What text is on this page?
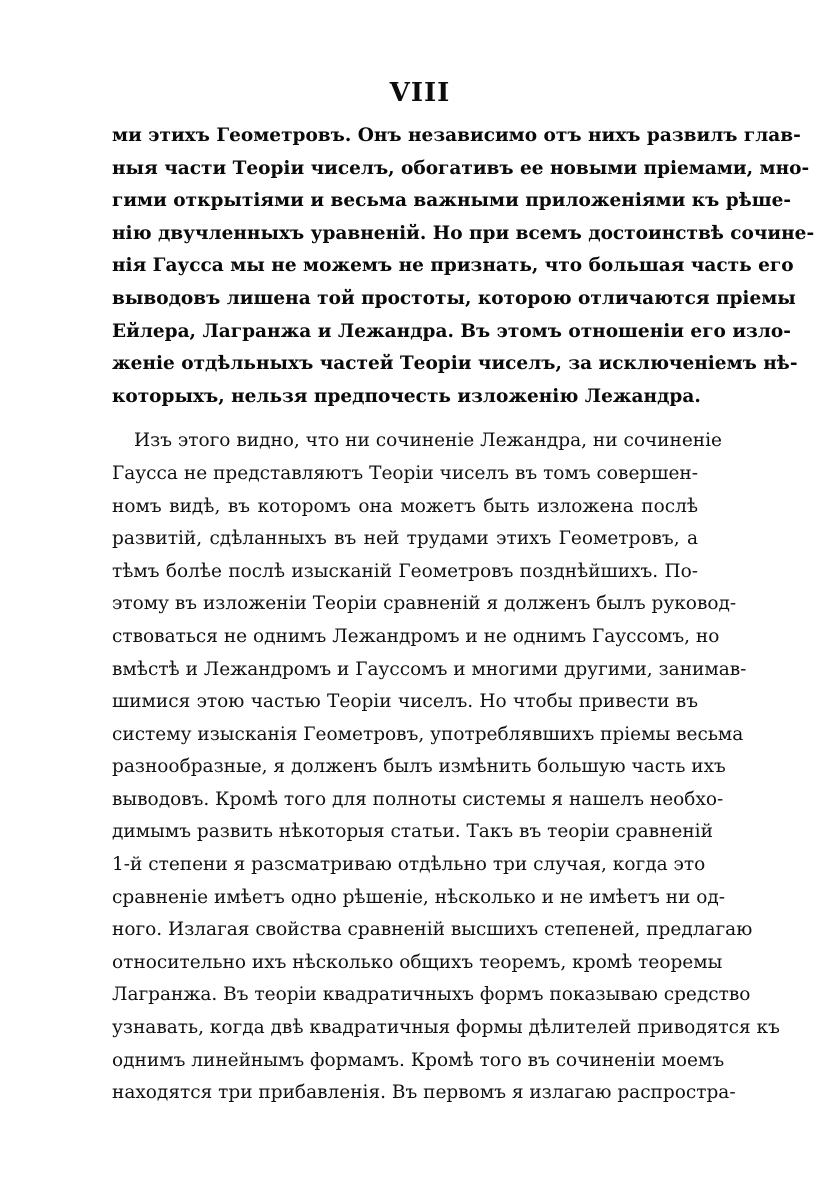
VIII
ми этихъ Геометровъ. Онъ независимо отъ нихъ развилъ глав-
ныя части Теоріи чиселъ, обогативъ ее новыми пріемами, мно-
гими открытіями и весьма важными приложеніями къ рѣше-
нію двучленныхъ уравненій. Но при всемъ достоинствѣ сочине-
нія Гаусса мы не можемъ не признать, что большая часть его
выводовъ лишена той простоты, которою отличаются пріемы
Ейлера, Лагранжа и Лежандра. Въ этомъ отношеніи его изло-
женіе отдѣльныхъ частей Теоріи чиселъ, за исключеніемъ нѣ-
которыхъ, нельзя предпочесть изложенію Лежандра.
Изъ этого видно, что ни сочиненіе Лежандра, ни сочиненіе
Гаусса не представляютъ Теоріи чиселъ въ томъ совершен-
номъ видѣ, въ которомъ она можетъ быть изложена послѣ
развитій, сдѣланныхъ въ ней трудами этихъ Геометровъ, а
тѣмъ болѣе послѣ изысканій Геометровъ позднѣйшихъ. По-
этому въ изложеніи Теоріи сравненій я долженъ былъ руковод-
ствоваться не однимъ Лежандромъ и не однимъ Гауссомъ, но
вмѣстѣ и Лежандромъ и Гауссомъ и многими другими, занимав-
шимися этою частью Теоріи чиселъ. Но чтобы привести въ
систему изысканія Геометровъ, употреблявшихъ пріемы весьма
разнообразные, я долженъ былъ измѣнить большую часть ихъ
выводовъ. Кромѣ того для полноты системы я нашелъ необхо-
димымъ развить нѣкоторыя статьи. Такъ въ теоріи сравненій
1-й степени я разсматриваю отдѣльно три случая, когда это
сравненіе имѣетъ одно рѣшеніе, нѣсколько и не имѣетъ ни од-
ного. Излагая свойства сравненій высшихъ степеней, предлагаю
относительно ихъ нѣсколько общихъ теоремъ, кромѣ теоремы
Лагранжа. Въ теоріи квадратичныхъ формъ показываю средство
узнавать, когда двѣ квадратичныя формы дѣлителей приводятся къ
однимъ линейнымъ формамъ. Кромѣ того въ сочиненіи моемъ
находятся три прибавленія. Въ первомъ я излагаю распростра-
